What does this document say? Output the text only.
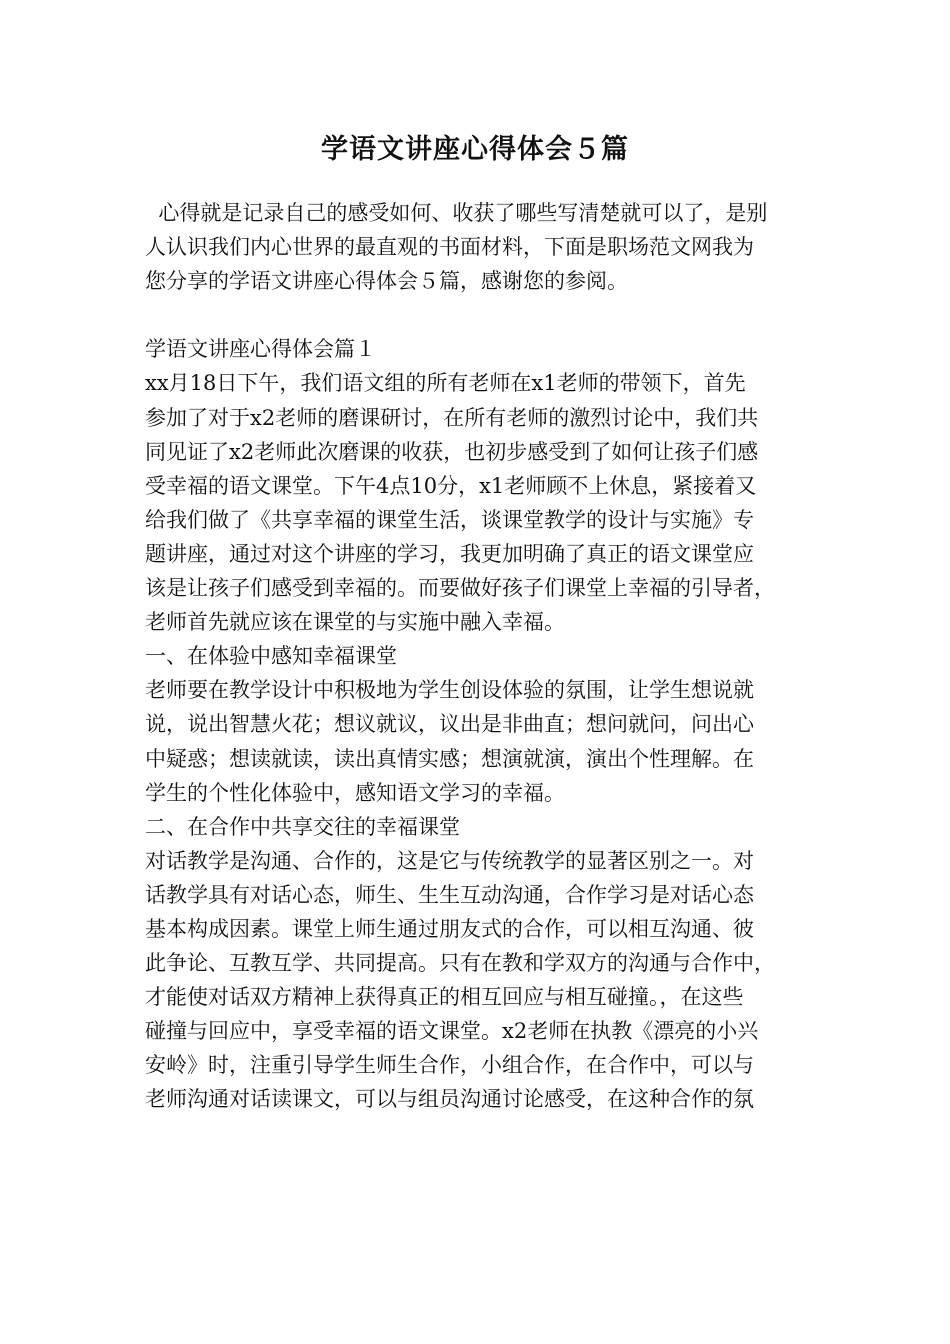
学语文讲座心得体会５篇
心得就是记录自己的感受如何、收获了哪些写清楚就可以了，是别
人认识我们内心世界的最直观的书面材料，下面是职场范文网我为
您分享的学语文讲座心得体会５篇，感谢您的参阅。
学语文讲座心得体会篇１
xx月18日下午，我们语文组的所有老师在x1老师的带领下，首先
参加了对于x2老师的磨课研讨，在所有老师的激烈讨论中，我们共
同见证了x2老师此次磨课的收获，也初步感受到了如何让孩子们感
受幸福的语文课堂。下午4点10分，x1老师顾不上休息，紧接着又
给我们做了《共享幸福的课堂生活，谈课堂教学的设计与实施》专
题讲座，通过对这个讲座的学习，我更加明确了真正的语文课堂应
该是让孩子们感受到幸福的。而要做好孩子们课堂上幸福的引导者，
老师首先就应该在课堂的与实施中融入幸福。
一、在体验中感知幸福课堂
老师要在教学设计中积极地为学生创设体验的氛围，让学生想说就
说，说出智慧火花；想议就议，议出是非曲直；想问就问，问出心
中疑惑；想读就读，读出真情实感；想演就演，演出个性理解。在
学生的个性化体验中，感知语文学习的幸福。
二、在合作中共享交往的幸福课堂
对话教学是沟通、合作的，这是它与传统教学的显著区别之一。对
话教学具有对话心态，师生、生生互动沟通，合作学习是对话心态
基本构成因素。课堂上师生通过朋友式的合作，可以相互沟通、彼
此争论、互教互学、共同提高。只有在教和学双方的沟通与合作中，
才能使对话双方精神上获得真正的相互回应与相互碰撞。，在这些
碰撞与回应中，享受幸福的语文课堂。x2老师在执教《漂亮的小兴
安岭》时，注重引导学生师生合作，小组合作，在合作中，可以与
老师沟通对话读课文，可以与组员沟通讨论感受，在这种合作的氛
